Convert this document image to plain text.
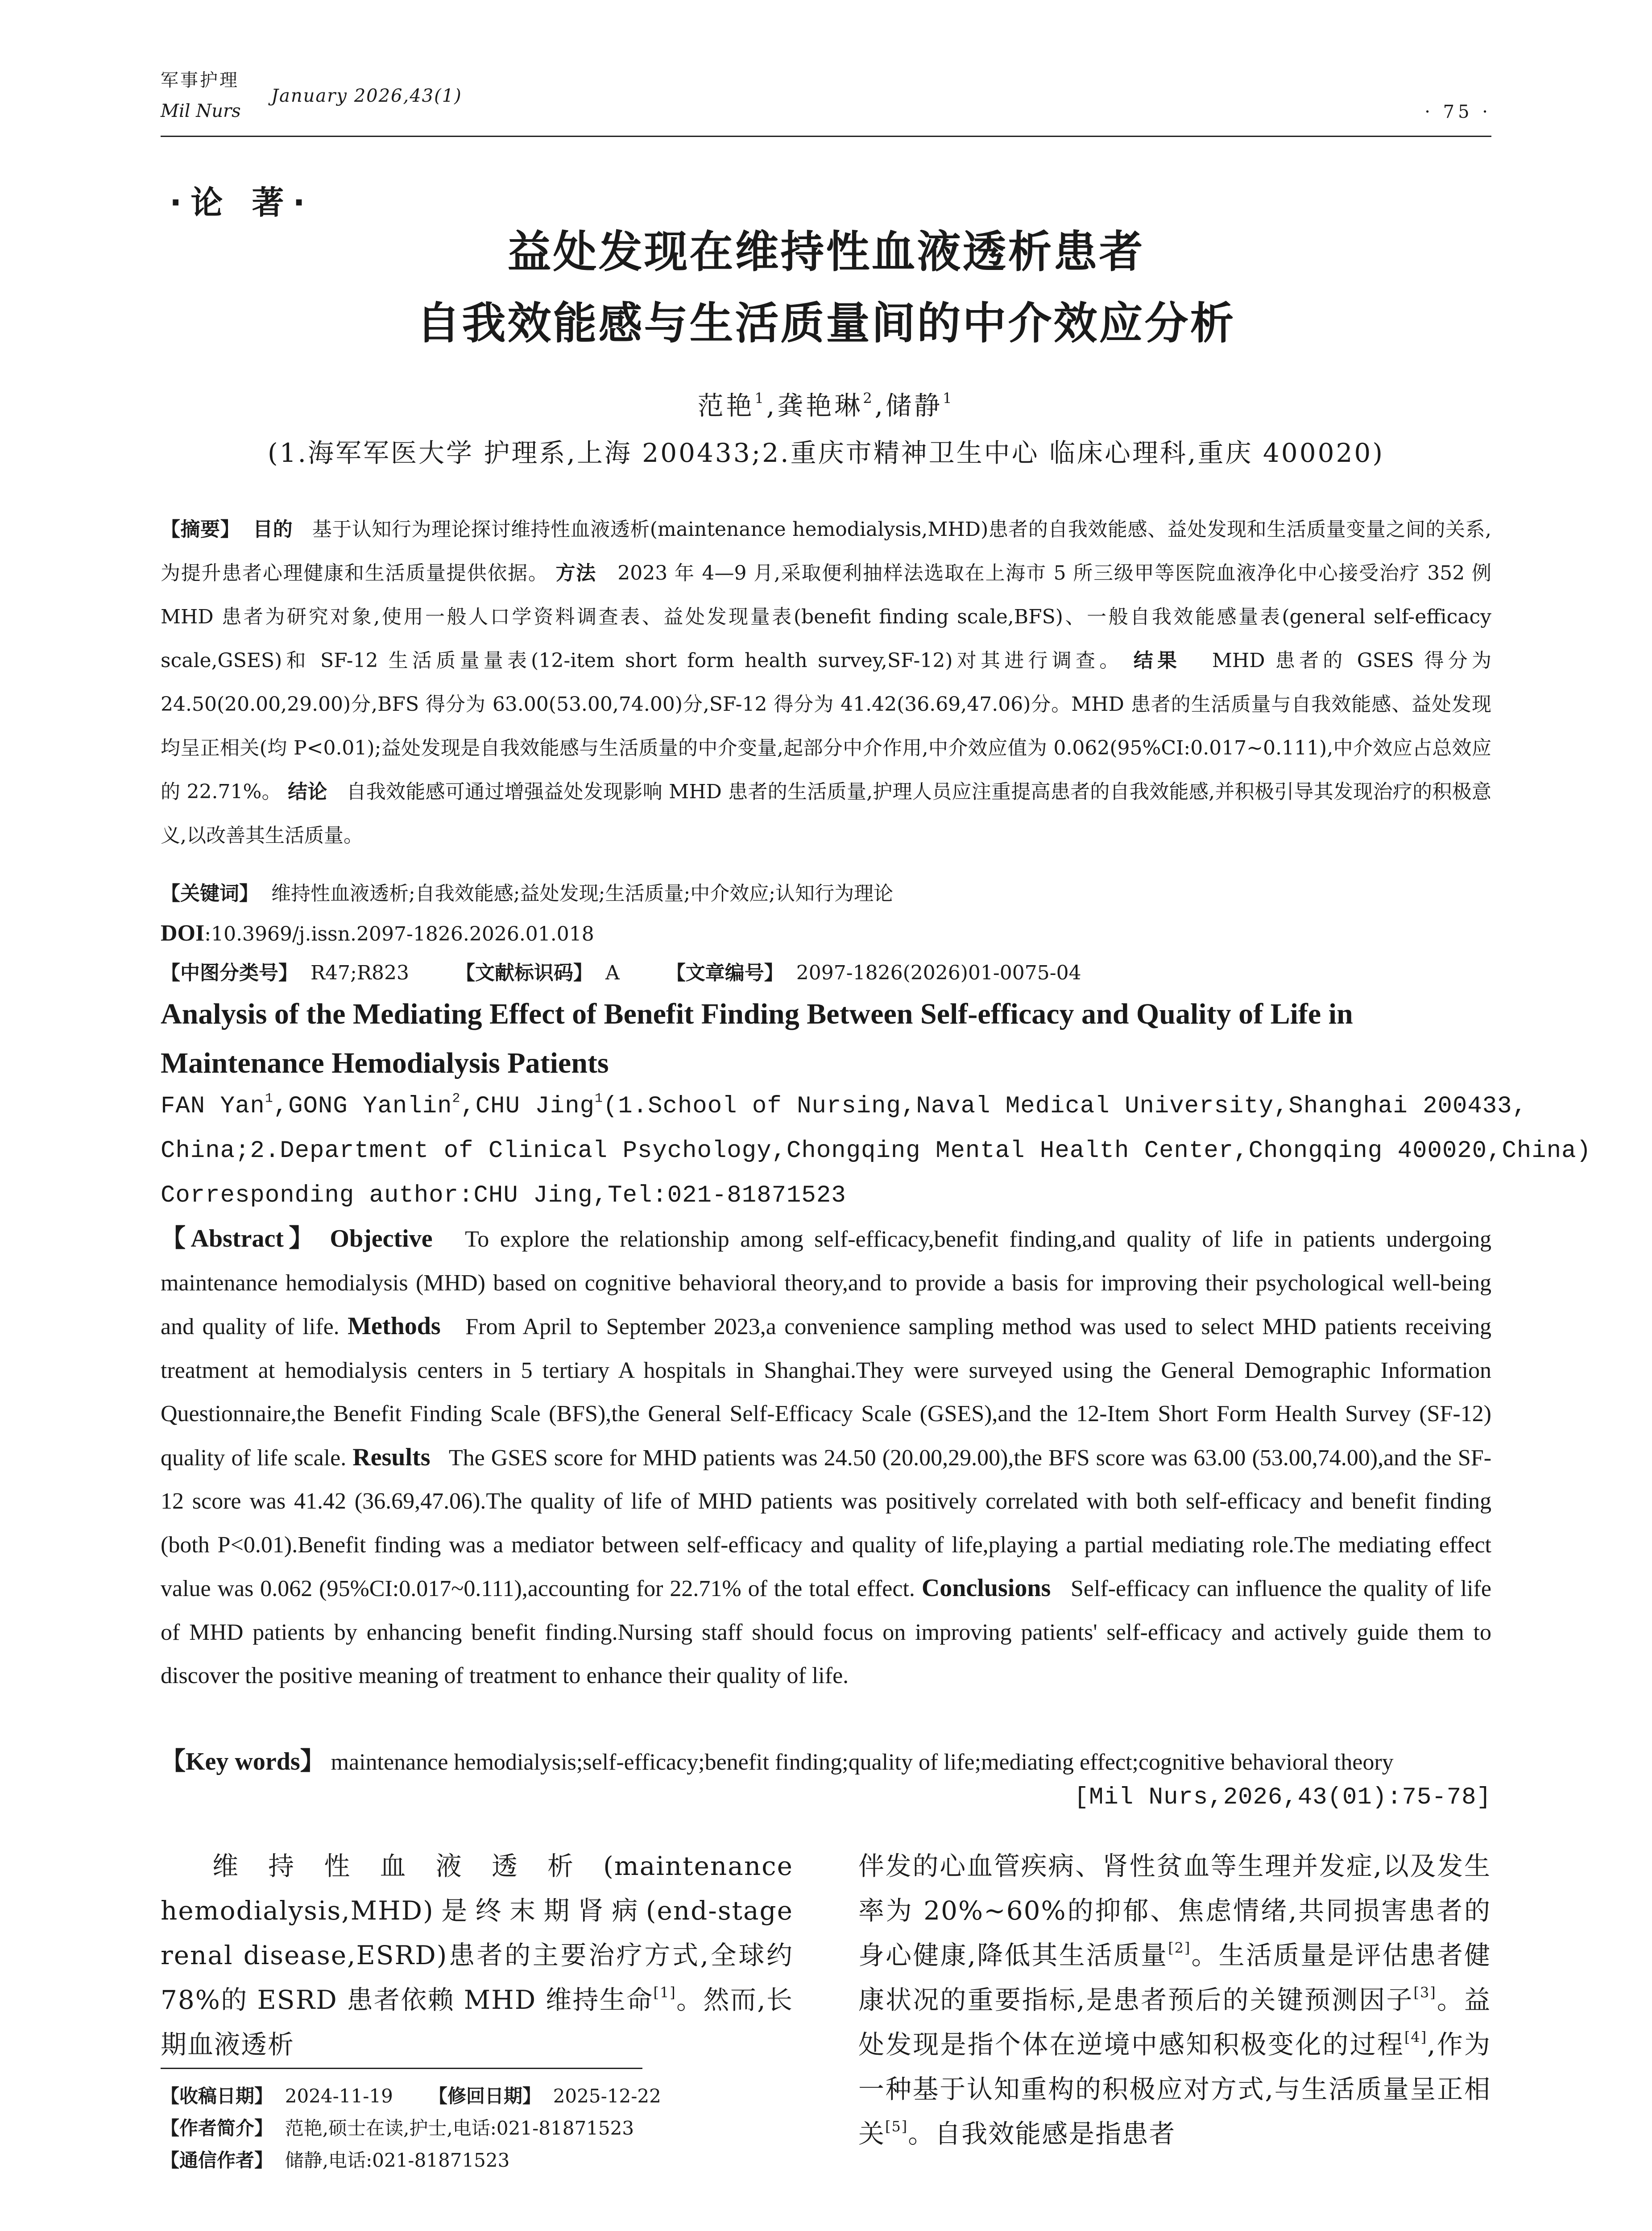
军事护理
Mil Nurs
January 2026,43(1)
· 75 ·
·论 著·
益处发现在维持性血液透析患者
自我效能感与生活质量间的中介效应分析
范艳$^1$,龚艳琳$^2$,储静$^1$
(1.海军军医大学 护理系,上海 200433;2.重庆市精神卫生中心 临床心理科,重庆 400020)
【摘要】 目的 基于认知行为理论探讨维持性血液透析(maintenance hemodialysis,MHD)患者的自我效能感、益处发现和生活质量变量之间的关系,为提升患者心理健康和生活质量提供依据。 方法 2023 年 4—9 月,采取便利抽样法选取在上海市 5 所三级甲等医院血液净化中心接受治疗 352 例 MHD 患者为研究对象,使用一般人口学资料调查表、益处发现量表(benefit finding scale,BFS)、一般自我效能感量表(general self-efficacy scale,GSES)和 SF-12 生活质量量表(12-item short form health survey,SF-12)对其进行调查。 结果 MHD 患者的 GSES 得分为 24.50(20.00,29.00)分,BFS 得分为 63.00(53.00,74.00)分,SF-12 得分为 41.42(36.69,47.06)分。MHD 患者的生活质量与自我效能感、益处发现均呈正相关(均 P<0.01);益处发现是自我效能感与生活质量的中介变量,起部分中介作用,中介效应值为 0.062(95%CI:0.017~0.111),中介效应占总效应的 22.71%。 结论 自我效能感可通过增强益处发现影响 MHD 患者的生活质量,护理人员应注重提高患者的自我效能感,并积极引导其发现治疗的积极意义,以改善其生活质量。
【关键词】 维持性血液透析;自我效能感;益处发现;生活质量;中介效应;认知行为理论
DOI:10.3969/j.issn.2097-1826.2026.01.018
【中图分类号】 R47;R823 【文献标识码】 A 【文章编号】 2097-1826(2026)01-0075-04
Analysis of the Mediating Effect of Benefit Finding Between Self-efficacy and Quality of Life in
Maintenance Hemodialysis Patients
FAN Yan$^1$,GONG Yanlin$^2$,CHU Jing$^1$(1.School of Nursing,Naval Medical University,Shanghai 200433,
China;2.Department of Clinical Psychology,Chongqing Mental Health Center,Chongqing 400020,China)
Corresponding author:CHU Jing,Tel:021-81871523
【Abstract】 Objective To explore the relationship among self-efficacy,benefit finding,and quality of life in patients undergoing maintenance hemodialysis (MHD) based on cognitive behavioral theory,and to provide a basis for improving their psychological well-being and quality of life. Methods From April to September 2023,a convenience sampling method was used to select MHD patients receiving treatment at hemodialysis centers in 5 tertiary A hospitals in Shanghai.They were surveyed using the General Demographic Information Questionnaire,the Benefit Finding Scale (BFS),the General Self-Efficacy Scale (GSES),and the 12-Item Short Form Health Survey (SF-12) quality of life scale. Results The GSES score for MHD patients was 24.50 (20.00,29.00),the BFS score was 63.00 (53.00,74.00),and the SF-12 score was 41.42 (36.69,47.06).The quality of life of MHD patients was positively correlated with both self-efficacy and benefit finding (both P<0.01).Benefit finding was a mediator between self-efficacy and quality of life,playing a partial mediating role.The mediating effect value was 0.062 (95%CI:0.017~0.111),accounting for 22.71% of the total effect. Conclusions Self-efficacy can influence the quality of life of MHD patients by enhancing benefit finding.Nursing staff should focus on improving patients' self-efficacy and actively guide them to discover the positive meaning of treatment to enhance their quality of life.
【Key words】 maintenance hemodialysis;self-efficacy;benefit finding;quality of life;mediating effect;cognitive behavioral theory
[Mil Nurs,2026,43(01):75-78]

维持性血液透析(maintenance hemodialysis,MHD)是终末期肾病(end-stage renal disease,ESRD)患者的主要治疗方式,全球约 78%的 ESRD 患者依赖 MHD 维持生命[1]。然而,长期血液透析

伴发的心血管疾病、肾性贫血等生理并发症,以及发生率为 20%~60%的抑郁、焦虑情绪,共同损害患者的身心健康,降低其生活质量[2]。生活质量是评估患者健康状况的重要指标,是患者预后的关键预测因子[3]。益处发现是指个体在逆境中感知积极变化的过程[4],作为一种基于认知重构的积极应对方式,与生活质量呈正相关[5]。自我效能感是指患者

【收稿日期】 2024-11-19 【修回日期】 2025-12-22
【作者简介】 范艳,硕士在读,护士,电话:021-81871523
【通信作者】 储静,电话:021-81871523
